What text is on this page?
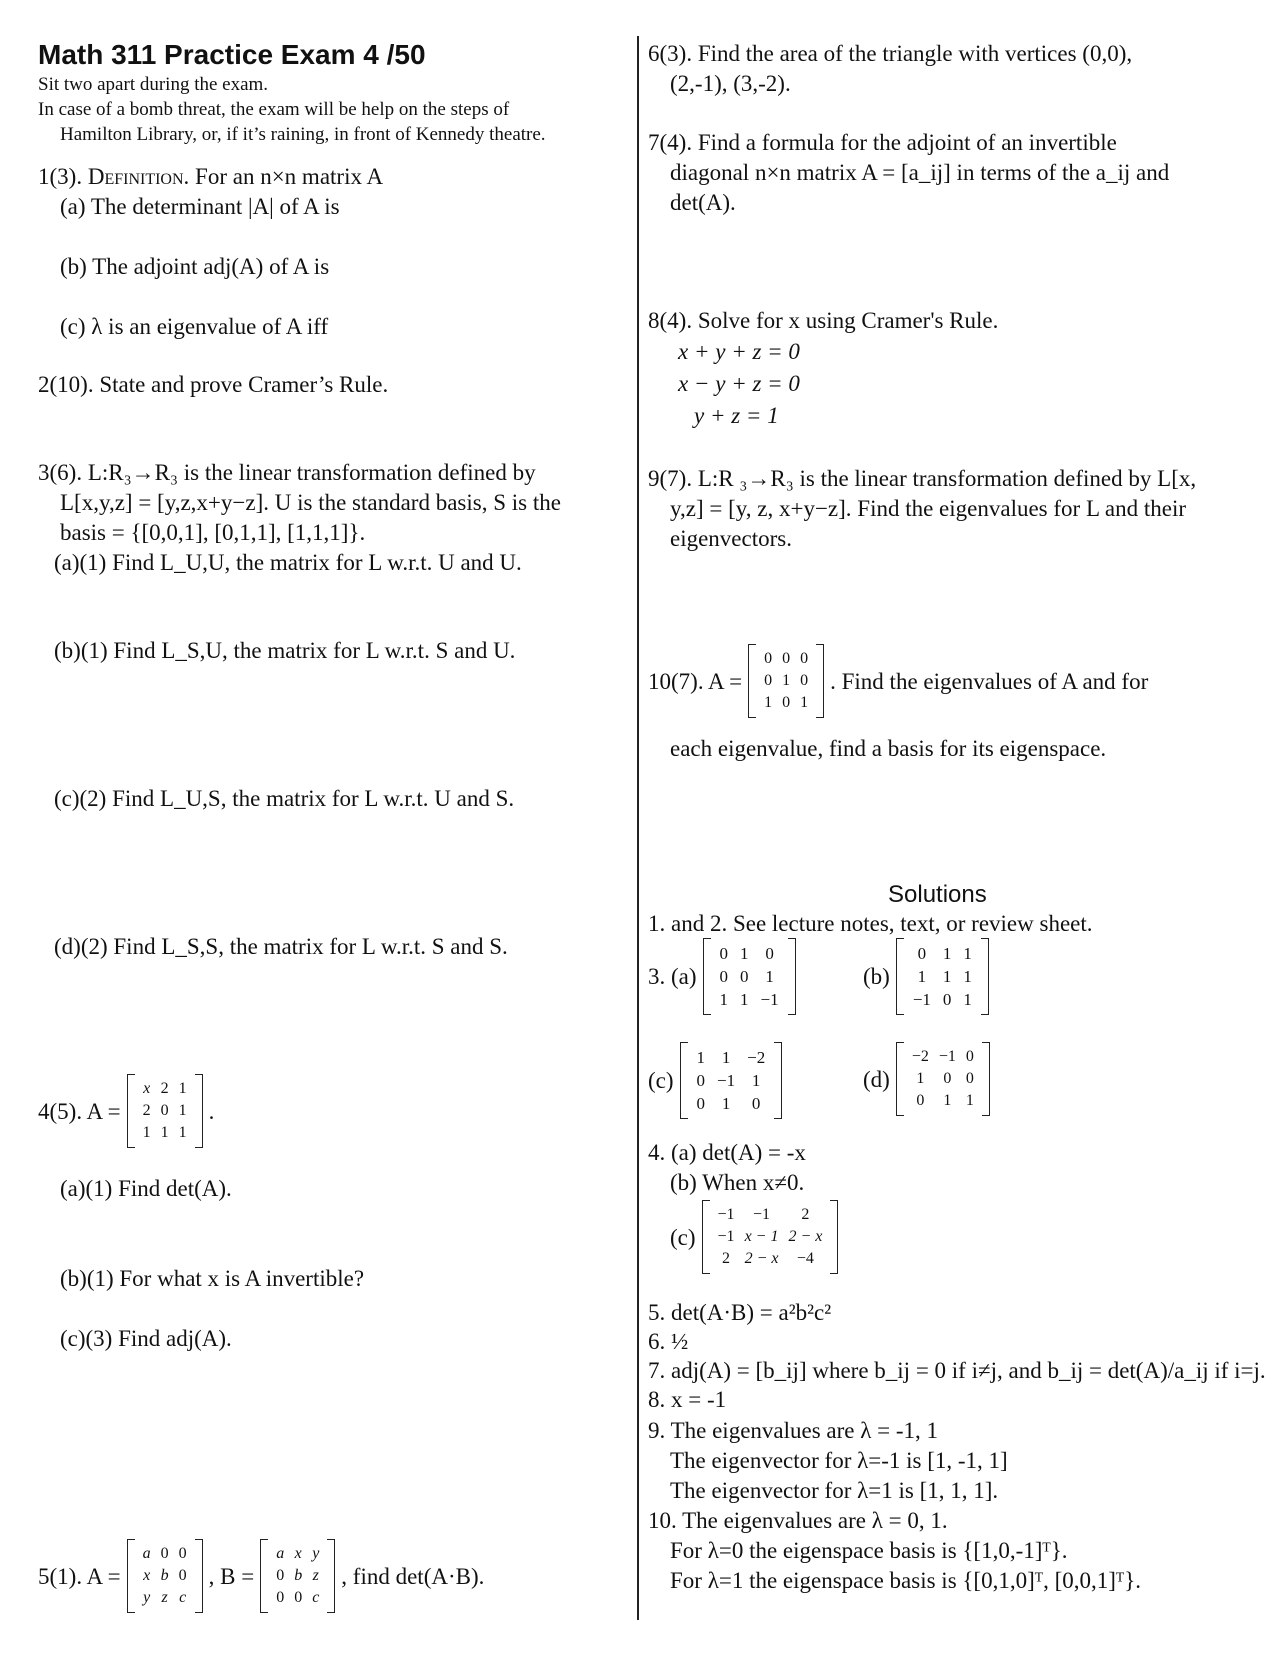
Math 311 Practice Exam 4 /50
Sit two apart during the exam.
In case of a bomb threat, the exam will be help on the steps of
Hamilton Library, or, if it’s raining, in front of Kennedy theatre.
1(3). Definition. For an n×n matrix A
(a) The determinant |A| of A is
(b) The adjoint adj(A) of A is
(c) λ is an eigenvalue of A iff
2(10). State and prove Cramer’s Rule.
3(6). L:R₃→R₃ is the linear transformation defined by
L[x,y,z] = [y,z,x+y−z]. U is the standard basis, S is the
basis = {[0,0,1], [0,1,1], [1,1,1]}.
(a)(1) Find L_U,U, the matrix for L w.r.t. U and U.
(b)(1) Find L_S,U, the matrix for L w.r.t. S and U.
(c)(2) Find L_U,S, the matrix for L w.r.t. U and S.
(d)(2) Find L_S,S, the matrix for L w.r.t. S and S.
4(5). A =
x	2	1
2	0	1
1	1	1
.
(a)(1) Find det(A).
(b)(1) For what x is A invertible?
(c)(3) Find adj(A).
5(1). A =
a	0	0
x	b	0
y	z	c
, B =
a	x	y
0	b	z
0	0	c
, find det(A·B).
6(3). Find the area of the triangle with vertices (0,0),
(2,-1), (3,-2).
7(4). Find a formula for the adjoint of an invertible
diagonal n×n matrix A = [a_ij] in terms of the a_ij and
det(A).
8(4). Solve for x using Cramer's Rule.
x + y + z = 0
x − y + z = 0
y + z = 1
9(7). L:R ₃→R₃ is the linear transformation defined by L[x,
y,z] = [y, z, x+y−z]. Find the eigenvalues for L and their
eigenvectors.
10(7). A =
0	0	0
0	1	0
1	0	1
. Find the eigenvalues of A and for
each eigenvalue, find a basis for its eigenspace.
Solutions
1. and 2. See lecture notes, text, or review sheet.
3. (a)
0	1	0
0	0	1
1	1	−1
(b)
0	1	1
1	1	1
−1	0	1
(c)
1	1	−2
0	−1	1
0	1	0
(d)
−2	−1	0
1	0	0
0	1	1
4. (a) det(A) = -x
(b) When x≠0.
(c)
−1	−1	2
−1	x − 1	2 − x
2	2 − x	−4
5. det(A·B) = a²b²c²
6. ½
7. adj(A) = [b_ij] where b_ij = 0 if i≠j, and b_ij = det(A)/a_ij if i=j.
8. x = -1
9. The eigenvalues are λ = -1, 1
The eigenvector for λ=-1 is [1, -1, 1]
The eigenvector for λ=1 is [1, 1, 1].
10. The eigenvalues are λ = 0, 1.
For λ=0 the eigenspace basis is {[1,0,-1]ᵀ}.
For λ=1 the eigenspace basis is {[0,1,0]ᵀ, [0,0,1]ᵀ}.
